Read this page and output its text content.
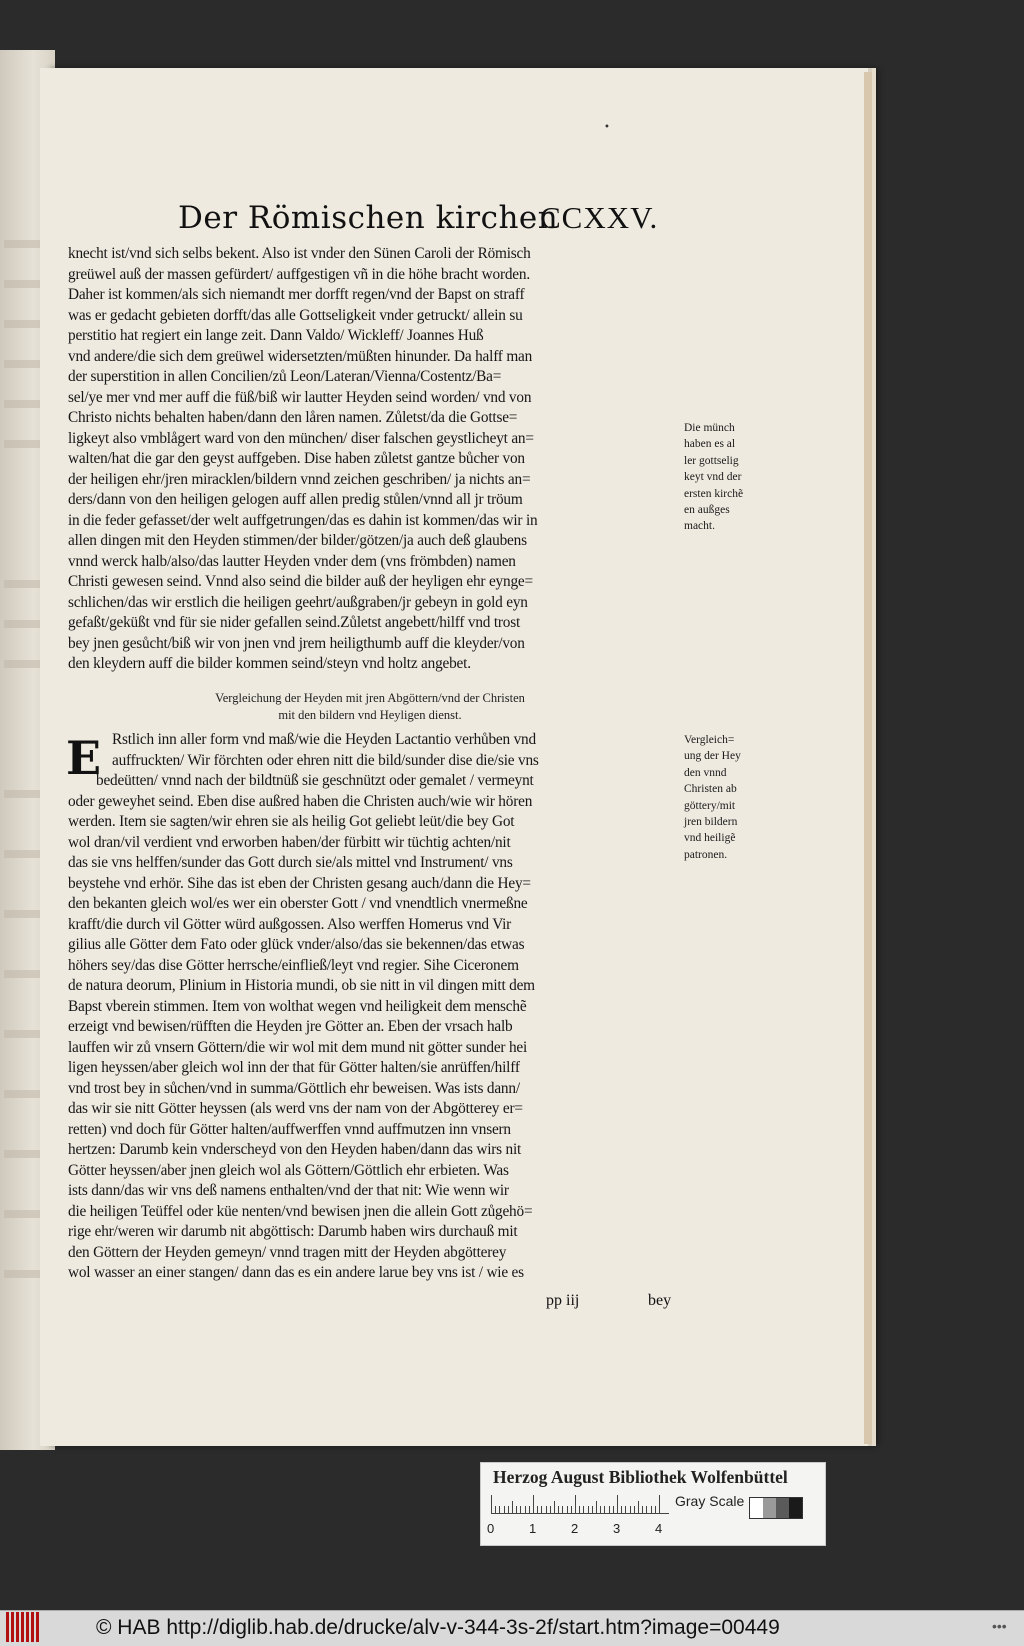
•
Der Römischen kirchen
CCXXV.
knecht ist/vnd sich selbs bekent. Also ist vnder den Sünen Caroli der Römisch
greüwel auß der massen gefürdert/ auffgestigen vñ in die höhe bracht worden.
Daher ist kommen/als sich niemandt mer dorfft regen/vnd der Bapst on straff
was er gedacht gebieten dorfft/das alle Gottseligkeit vnder getruckt/ allein su
perstitio hat regiert ein lange zeit. Dann Valdo/ Wickleff/ Joannes Huß
vnd andere/die sich dem greüwel widersetzten/müßten hinunder. Da halff man
der superstition in allen Concilien/zů Leon/Lateran/Vienna/Costentz/Ba=
sel/ye mer vnd mer auff die füß/biß wir lautter Heyden seind worden/ vnd von
Christo nichts behalten haben/dann den låren namen. Zůletst/da die Gottse=
ligkeyt also vmblågert ward von den münchen/ diser falschen geystlicheyt an=
walten/hat die gar den geyst auffgeben. Dise haben zůletst gantze bůcher von
der heiligen ehr/jren miracklen/bildern vnnd zeichen geschriben/ ja nichts an=
ders/dann von den heiligen gelogen auff allen predig stůlen/vnnd all jr tröum
in die feder gefasset/der welt auffgetrungen/das es dahin ist kommen/das wir in
allen dingen mit den Heyden stimmen/der bilder/götzen/ja auch deß glaubens
vnnd werck halb/also/das lautter Heyden vnder dem (vns frömbden) namen
Christi gewesen seind. Vnnd also seind die bilder auß der heyligen ehr eynge=
schlichen/das wir erstlich die heiligen geehrt/außgraben/jr gebeyn in gold eyn
gefaßt/geküßt vnd für sie nider gefallen seind.Zůletst angebett/hilff vnd trost
bey jnen gesůcht/biß wir von jnen vnd jrem heiligthumb auff die kleyder/von
den kleydern auff die bilder kommen seind/steyn vnd holtz angebet.
Vergleichung der Heyden mit jren Abgöttern/vnd der Christen
mit den bildern vnd Heyligen dienst.
E Rstlich inn aller form vnd maß/wie die Heyden Lactantio verhůben vnd
auffruckten/ Wir förchten oder ehren nitt die bild/sunder dise die/sie vns
bedeütten/ vnnd nach der bildtnüß sie geschnützt oder gemalet / vermeynt
oder geweyhet seind. Eben dise außred haben die Christen auch/wie wir hören
werden. Item sie sagten/wir ehren sie als heilig Got geliebt leüt/die bey Got
wol dran/vil verdient vnd erworben haben/der fürbitt wir tüchtig achten/nit
das sie vns helffen/sunder das Gott durch sie/als mittel vnd Instrument/ vns
beystehe vnd erhör. Sihe das ist eben der Christen gesang auch/dann die Hey=
den bekanten gleich wol/es wer ein oberster Gott / vnd vnendtlich vnermeßne
krafft/die durch vil Götter würd außgossen. Also werffen Homerus vnd Vir
gilius alle Götter dem Fato oder glück vnder/also/das sie bekennen/das etwas
höhers sey/das dise Götter herrsche/einfließ/leyt vnd regier. Sihe Ciceronem
de natura deorum, Plinium in Historia mundi, ob sie nitt in vil dingen mitt dem
Bapst vberein stimmen. Item von wolthat wegen vnd heiligkeit dem menschẽ
erzeigt vnd bewisen/rüfften die Heyden jre Götter an. Eben der vrsach halb
lauffen wir zů vnsern Göttern/die wir wol mit dem mund nit götter sunder hei
ligen heyssen/aber gleich wol inn der that für Götter halten/sie anrüffen/hilff
vnd trost bey in sůchen/vnd in summa/Göttlich ehr beweisen. Was ists dann/
das wir sie nitt Götter heyssen (als werd vns der nam von der Abgötterey er=
retten) vnd doch für Götter halten/auffwerffen vnnd auffmutzen inn vnsern
hertzen: Darumb kein vnderscheyd von den Heyden haben/dann das wirs nit
Götter heyssen/aber jnen gleich wol als Göttern/Göttlich ehr erbieten. Was
ists dann/das wir vns deß namens enthalten/vnd der that nit: Wie wenn wir
die heiligen Teüffel oder küe nenten/vnd bewisen jnen die allein Gott zůgehö=
rige ehr/weren wir darumb nit abgöttisch: Darumb haben wirs durchauß mit
den Göttern der Heyden gemeyn/ vnnd tragen mitt der Heyden abgötterey
wol wasser an einer stangen/ dann das es ein andere larue bey vns ist / wie es
Die münch
haben es al
ler gottselig
keyt vnd der
ersten kirchẽ
en außges
macht.
Vergleich=
ung der Hey
den vnnd
Christen ab
göttery/mit
jren bildern
vnd heiligẽ
patronen.
pp iij	bey
Herzog August Bibliothek Wolfenbüttel
0	1	2	3	4
Gray Scale
© HAB http://diglib.hab.de/drucke/alv-v-344-3s-2f/start.htm?image=00449	•••
